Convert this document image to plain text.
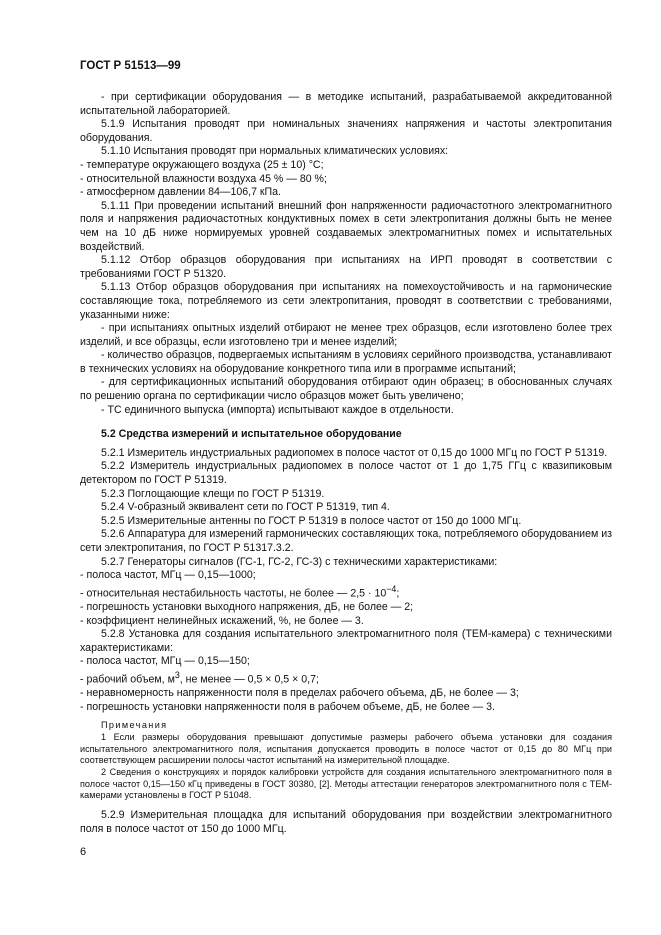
ГОСТ Р 51513—99

- при сертификации оборудования — в методике испытаний, разрабатываемой аккредитованной испытательной лабораторией.

5.1.9 Испытания проводят при номинальных значениях напряжения и частоты электропитания оборудования.

5.1.10 Испытания проводят при нормальных климатических условиях:

- температуре окружающего воздуха (25 ± 10) °С;

- относительной влажности воздуха 45 % — 80 %;

- атмосферном давлении 84—106,7 кПа.

5.1.11 При проведении испытаний внешний фон напряженности радиочастотного электромагнитного поля и напряжения радиочастотных кондуктивных помех в сети электропитания должны быть не менее чем на 10 дБ ниже нормируемых уровней создаваемых электромагнитных помех и испытательных воздействий.

5.1.12 Отбор образцов оборудования при испытаниях на ИРП проводят в соответствии с требованиями ГОСТ Р 51320.

5.1.13 Отбор образцов оборудования при испытаниях на помехоустойчивость и на гармонические составляющие тока, потребляемого из сети электропитания, проводят в соответствии с требованиями, указанными ниже:

- при испытаниях опытных изделий отбирают не менее трех образцов, если изготовлено более трех изделий, и все образцы, если изготовлено три и менее изделий;

- количество образцов, подвергаемых испытаниям в условиях серийного производства, устанавливают в технических условиях на оборудование конкретного типа или в программе испытаний;

- для сертификационных испытаний оборудования отбирают один образец; в обоснованных случаях по решению органа по сертификации число образцов может быть увеличено;

- ТС единичного выпуска (импорта) испытывают каждое в отдельности.

5.2 Средства измерений и испытательное оборудование

5.2.1 Измеритель индустриальных радиопомех в полосе частот от 0,15 до 1000 МГц по ГОСТ Р 51319.

5.2.2 Измеритель индустриальных радиопомех в полосе частот от 1 до 1,75 ГГц с квазипиковым детектором по ГОСТ Р 51319.

5.2.3 Поглощающие клещи по ГОСТ Р 51319.

5.2.4 V-образный эквивалент сети по ГОСТ Р 51319, тип 4.

5.2.5 Измерительные антенны по ГОСТ Р 51319 в полосе частот от 150 до 1000 МГц.

5.2.6 Аппаратура для измерений гармонических составляющих тока, потребляемого оборудованием из сети электропитания, по ГОСТ Р 51317.3.2.

5.2.7 Генераторы сигналов (ГС-1, ГС-2, ГС-3) с техническими характеристиками:

- полоса частот, МГц — 0,15—1000;

- относительная нестабильность частоты, не более — $2,5 \cdot 10^{-4}$;

- погрешность установки выходного напряжения, дБ, не более — 2;

- коэффициент нелинейных искажений, %, не более — 3.

5.2.8 Установка для создания испытательного электромагнитного поля (ТЕМ-камера) с техническими характеристиками:

- полоса частот, МГц — 0,15—150;

- рабочий объем, $м^3$, не менее — 0,5 × 0,5 × 0,7;

- неравномерность напряженности поля в пределах рабочего объема, дБ, не более — 3;

- погрешность установки напряженности поля в рабочем объеме, дБ, не более — 3.

Примечания

1 Если размеры оборудования превышают допустимые размеры рабочего объема установки для создания испытательного электромагнитного поля, испытания допускается проводить в полосе частот от 0,15 до 80 МГц при соответствующем расширении полосы частот испытаний на измерительной площадке.

2 Сведения о конструкциях и порядок калибровки устройств для создания испытательного электромагнитного поля в полосе частот 0,15—150 кГц приведены в ГОСТ 30380, [2]. Методы аттестации генераторов электромагнитного поля с ТЕМ-камерами установлены в ГОСТ Р 51048.

5.2.9 Измерительная площадка для испытаний оборудования при воздействии электромагнитного поля в полосе частот от 150 до 1000 МГц.

6
